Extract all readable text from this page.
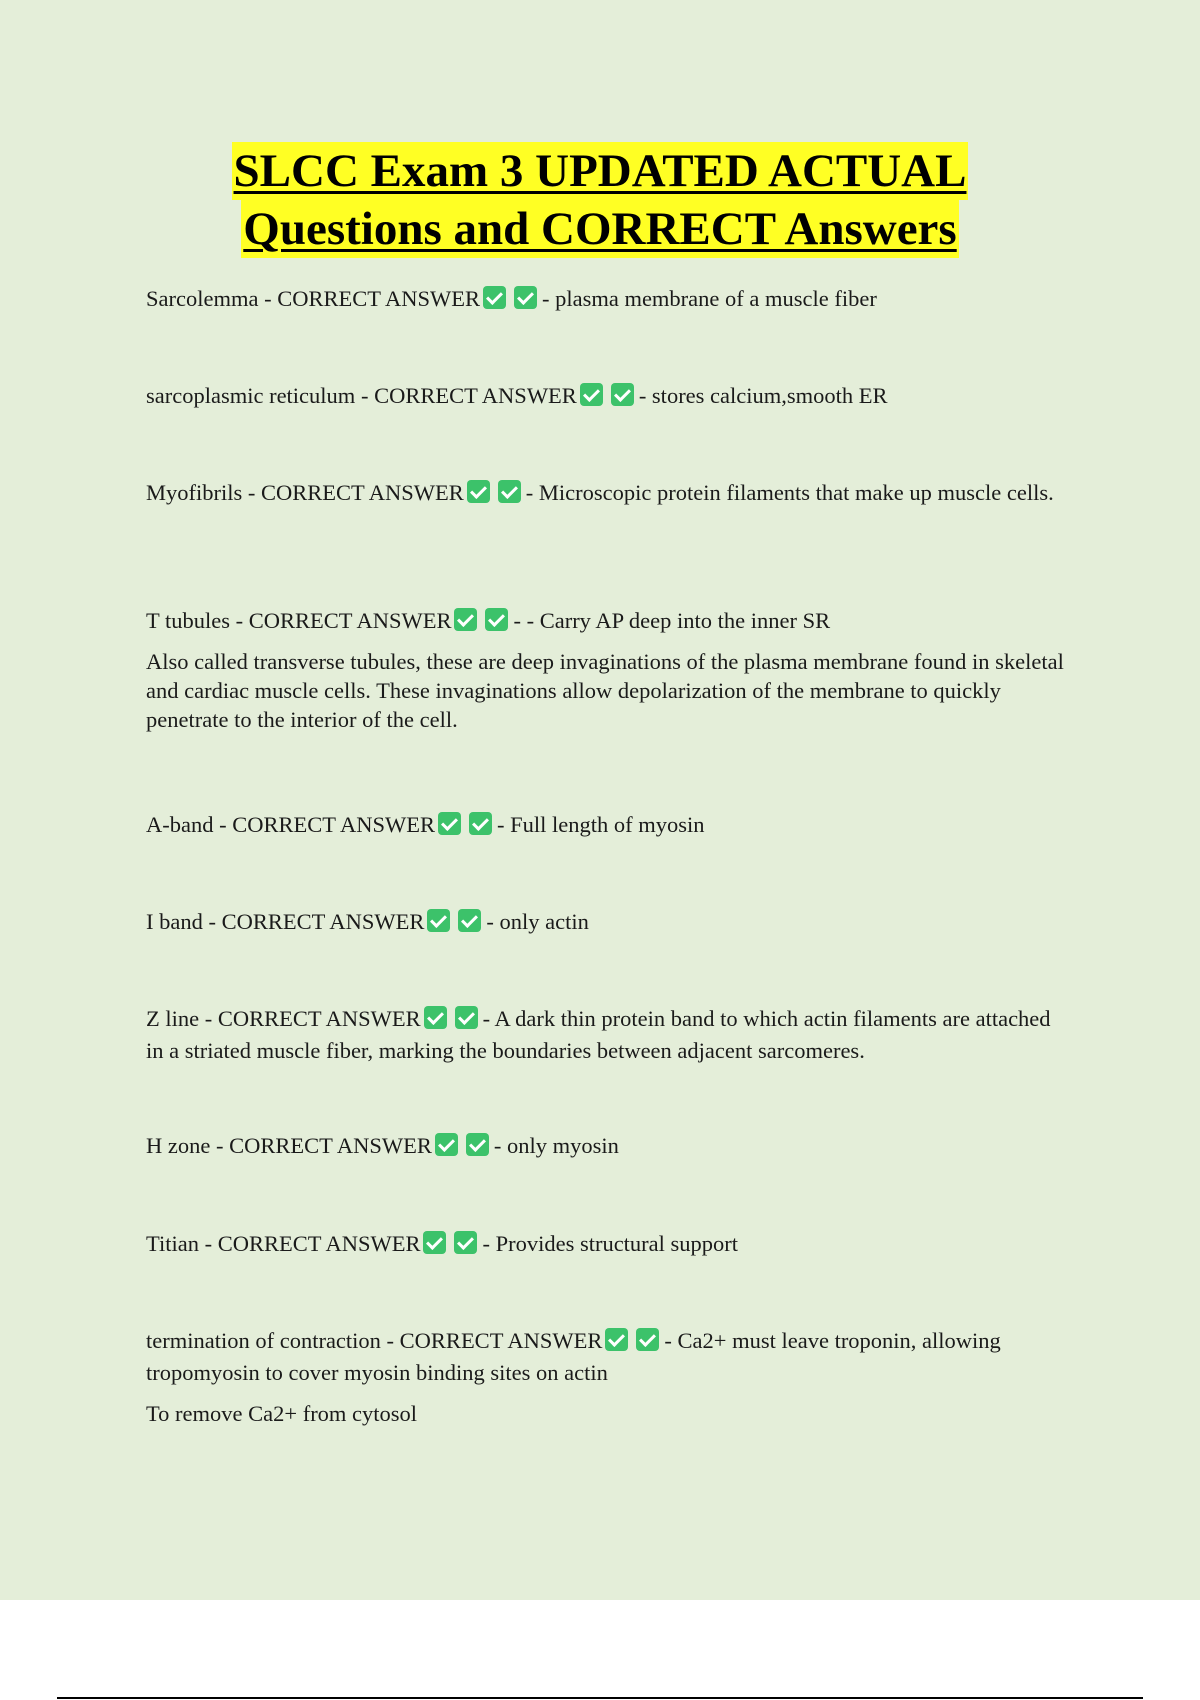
SLCC Exam 3 UPDATED ACTUAL
Questions and CORRECT Answers

Sarcolemma - CORRECT ANSWER	- plasma membrane of a muscle fiber

sarcoplasmic reticulum - CORRECT ANSWER	- stores calcium,smooth ER

Myofibrils - CORRECT ANSWER	- Microscopic protein filaments that make up muscle cells.

T tubules - CORRECT ANSWER	- - Carry AP deep into the inner SR

Also called transverse tubules, these are deep invaginations of the plasma membrane found in skeletal and cardiac muscle cells. These invaginations allow depolarization of the membrane to quickly penetrate to the interior of the cell.

A-band - CORRECT ANSWER	- Full length of myosin

I band - CORRECT ANSWER	- only actin

Z line - CORRECT ANSWER	- A dark thin protein band to which actin filaments are attached in a striated muscle fiber, marking the boundaries between adjacent sarcomeres.

H zone - CORRECT ANSWER	- only myosin

Titian - CORRECT ANSWER	- Provides structural support

termination of contraction - CORRECT ANSWER	- Ca2+ must leave troponin, allowing tropomyosin to cover myosin binding sites on actin

To remove Ca2+ from cytosol
